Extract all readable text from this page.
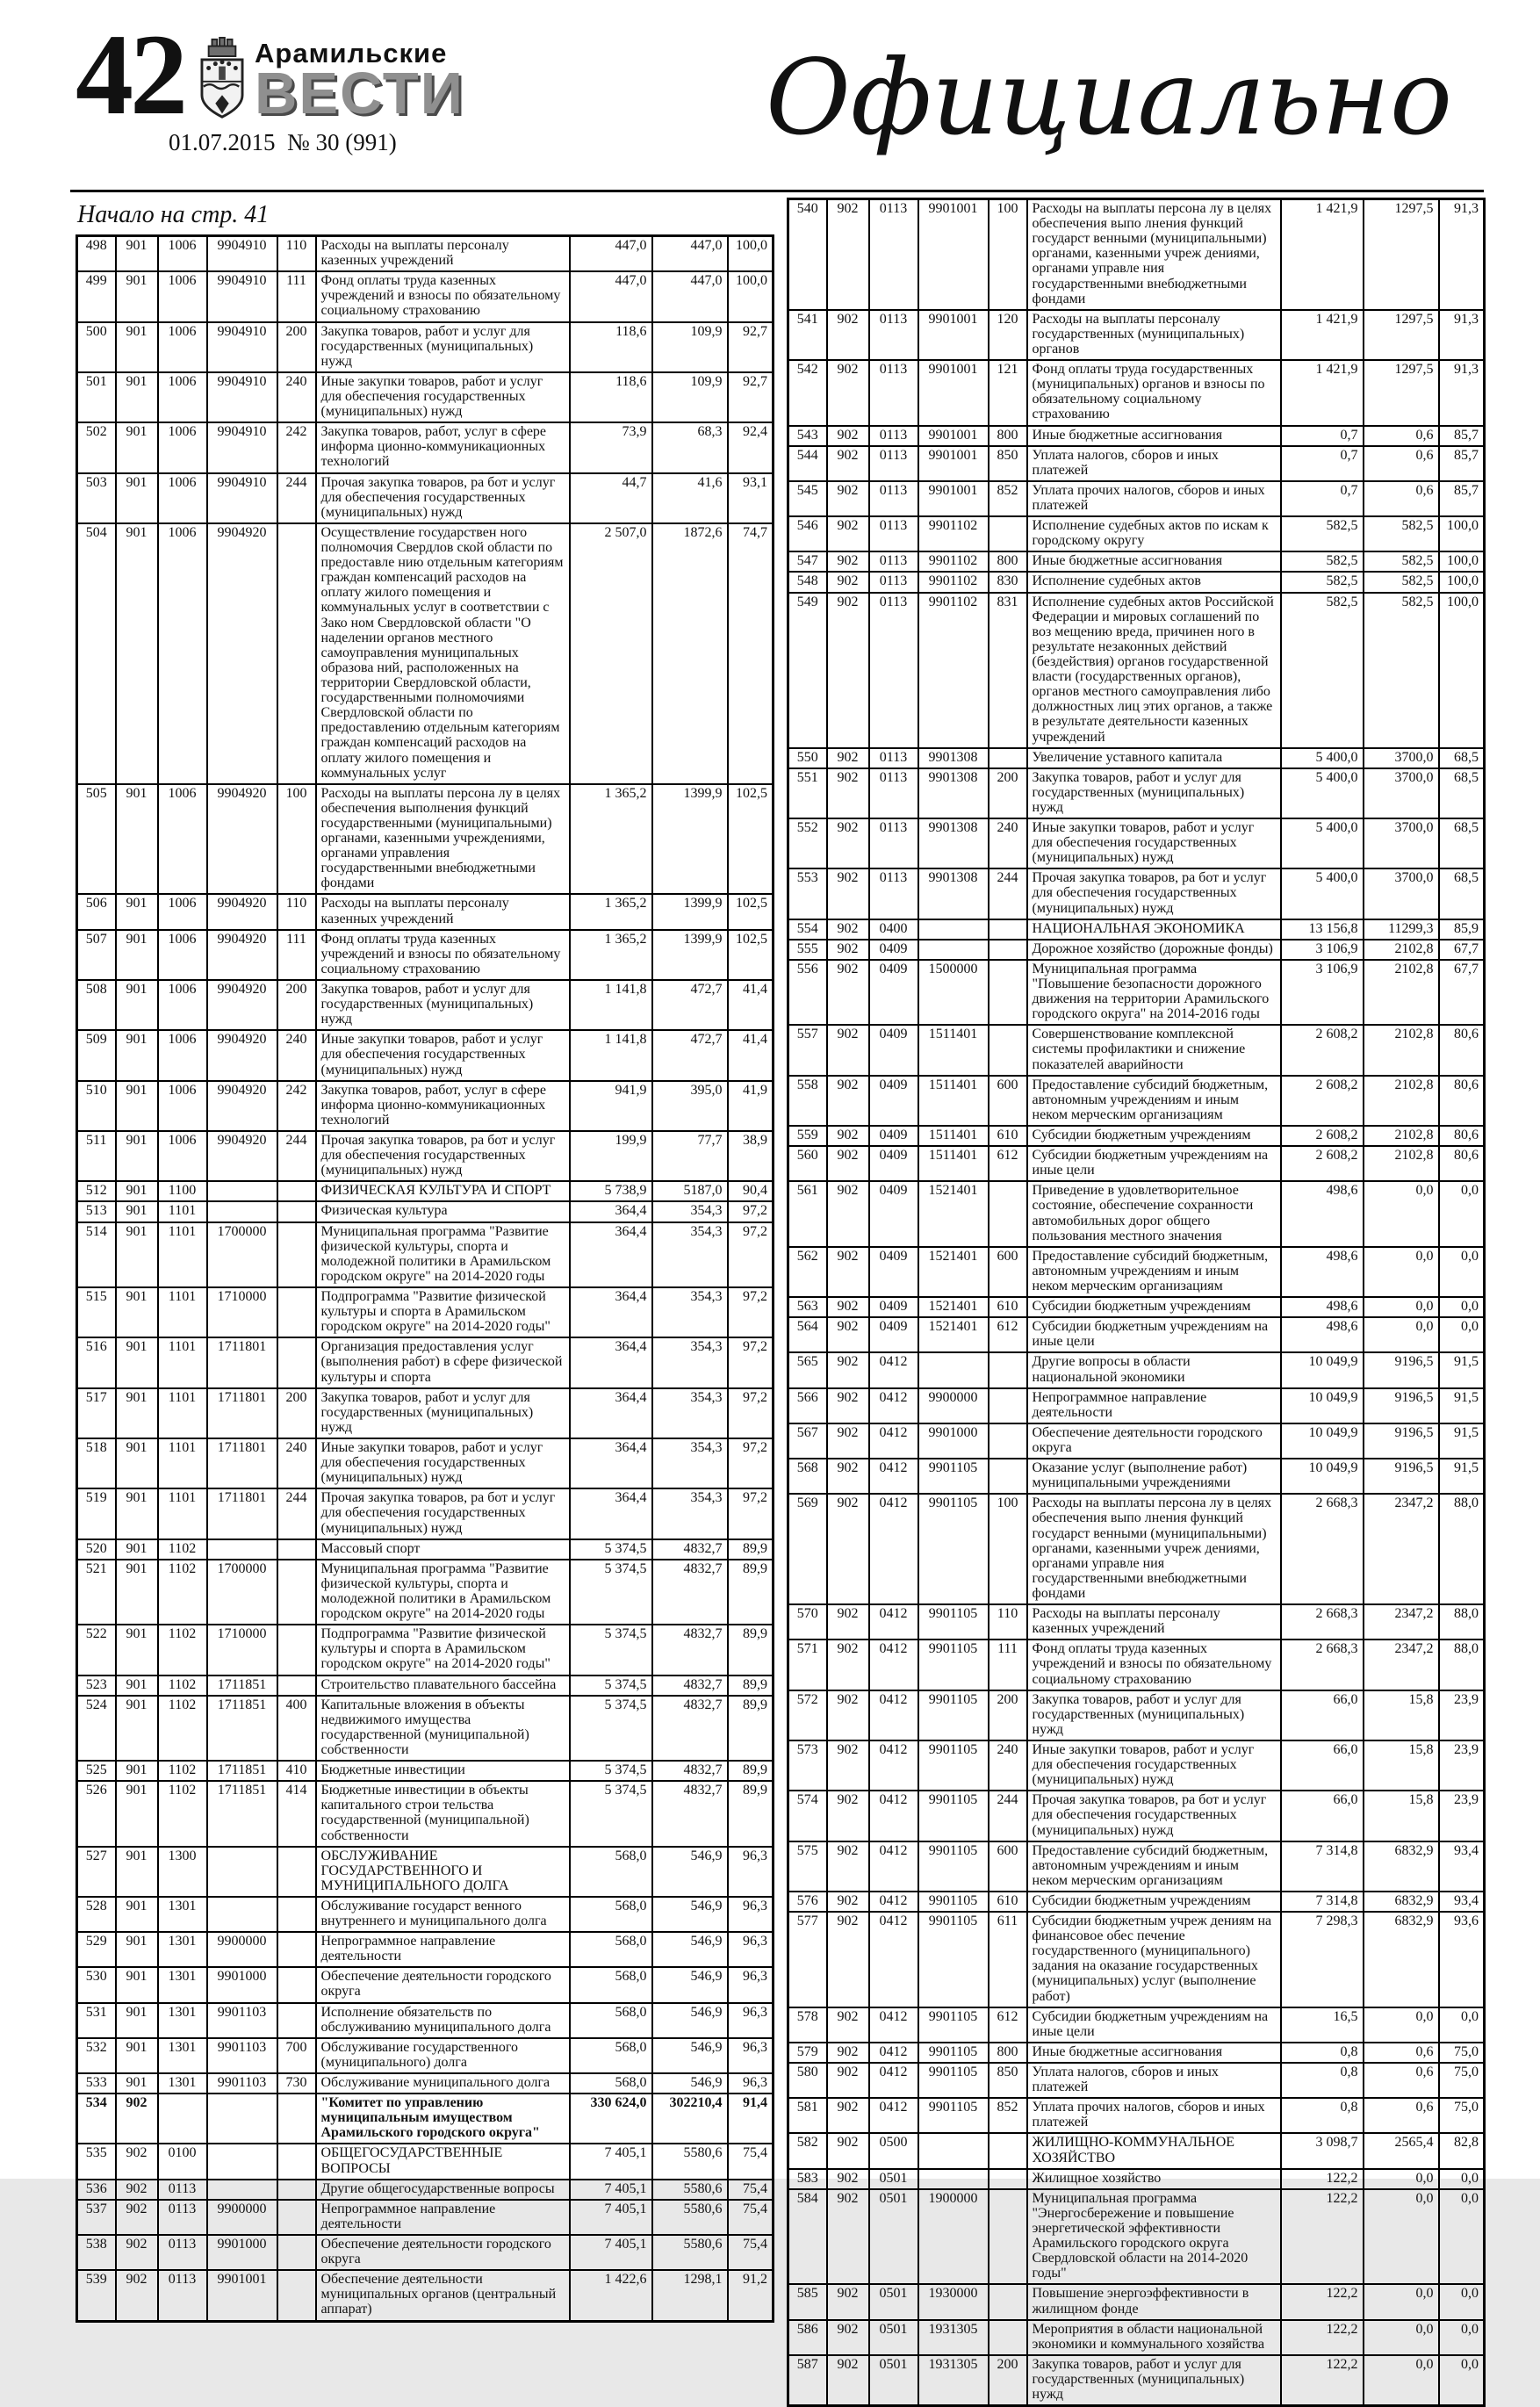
42	Арамильские
ВЕСТИ
01.07.2015  № 30 (991)	Официально
Начало на стр. 41
498	901	1006	9904910	110	Расходы на выплаты персоналу казенных учреждений	447,0	447,0	100,0
499	901	1006	9904910	111	Фонд оплаты труда казенных учреждений и взносы по обязательному социальному страхованию	447,0	447,0	100,0
500	901	1006	9904910	200	Закупка товаров, работ и услуг для государственных (муниципальных) нужд	118,6	109,9	92,7
501	901	1006	9904910	240	Иные закупки товаров, работ и услуг для обеспечения государственных (муниципальных) нужд	118,6	109,9	92,7
502	901	1006	9904910	242	Закупка товаров, работ, услуг в сфере информа ционно-коммуникационных технологий	73,9	68,3	92,4
503	901	1006	9904910	244	Прочая закупка товаров, ра бот и услуг для обеспечения государственных (муниципальных) нужд	44,7	41,6	93,1
504	901	1006	9904920		Осуществление государствен ного полномочия Свердлов ской области по предоставле нию отдельным категориям граждан компенсаций расходов на оплату жилого помещения и коммунальных услуг в соответствии с Зако ном Свердловской области "О наделении органов местного самоуправления муниципальных образова ний, расположенных на территории Свердловской области, государственными полномочиями Свердловской области по предоставлению отдельным категориям граждан компенсаций расходов на оплату жилого помещения и коммунальных услуг	2 507,0	1872,6	74,7
505	901	1006	9904920	100	Расходы на выплаты персона лу в целях обеспечения выполнения функций государственными (муниципальными) органами, казенными учреждениями, органами управления государственными внебюджетными фондами	1 365,2	1399,9	102,5
506	901	1006	9904920	110	Расходы на выплаты персоналу казенных учреждений	1 365,2	1399,9	102,5
507	901	1006	9904920	111	Фонд оплаты труда казенных учреждений и взносы по обязательному социальному страхованию	1 365,2	1399,9	102,5
508	901	1006	9904920	200	Закупка товаров, работ и услуг для государственных (муниципальных) нужд	1 141,8	472,7	41,4
509	901	1006	9904920	240	Иные закупки товаров, работ и услуг для обеспечения государственных (муниципальных) нужд	1 141,8	472,7	41,4
510	901	1006	9904920	242	Закупка товаров, работ, услуг в сфере информа ционно-коммуникационных технологий	941,9	395,0	41,9
511	901	1006	9904920	244	Прочая закупка товаров, ра бот и услуг для обеспечения государственных (муниципальных) нужд	199,9	77,7	38,9
512	901	1100			ФИЗИЧЕСКАЯ КУЛЬТУРА И СПОРТ	5 738,9	5187,0	90,4
513	901	1101			Физическая культура	364,4	354,3	97,2
514	901	1101	1700000		Муниципальная программа "Развитие физической культуры, спорта и молодежной политики в Арамильском городском округе" на 2014-2020 годы	364,4	354,3	97,2
515	901	1101	1710000		Подпрограмма "Развитие физической культуры и спорта в Арамильском городском округе" на 2014-2020 годы"	364,4	354,3	97,2
516	901	1101	1711801		Организация предоставления услуг (выполнения работ) в сфере физической культуры и спорта	364,4	354,3	97,2
517	901	1101	1711801	200	Закупка товаров, работ и услуг для государственных (муниципальных) нужд	364,4	354,3	97,2
518	901	1101	1711801	240	Иные закупки товаров, работ и услуг для обеспечения государственных (муниципальных) нужд	364,4	354,3	97,2
519	901	1101	1711801	244	Прочая закупка товаров, ра бот и услуг для обеспечения государственных (муниципальных) нужд	364,4	354,3	97,2
520	901	1102			Массовый спорт	5 374,5	4832,7	89,9
521	901	1102	1700000		Муниципальная программа "Развитие физической культуры, спорта и молодежной политики в Арамильском городском округе" на 2014-2020 годы	5 374,5	4832,7	89,9
522	901	1102	1710000		Подпрограмма "Развитие физической культуры и спорта в Арамильском городском округе" на 2014-2020 годы"	5 374,5	4832,7	89,9
523	901	1102	1711851		Строительство плавательного бассейна	5 374,5	4832,7	89,9
524	901	1102	1711851	400	Капитальные вложения в объекты недвижимого имущества государственной (муниципальной) собственности	5 374,5	4832,7	89,9
525	901	1102	1711851	410	Бюджетные инвестиции	5 374,5	4832,7	89,9
526	901	1102	1711851	414	Бюджетные инвестиции в объекты капитального строи тельства государственной (муниципальной) собственности	5 374,5	4832,7	89,9
527	901	1300			ОБСЛУЖИВАНИЕ ГОСУДАРСТВЕННОГО И МУНИЦИПАЛЬНОГО ДОЛГА	568,0	546,9	96,3
528	901	1301			Обслуживание государст венного внутреннего и муниципального долга	568,0	546,9	96,3
529	901	1301	9900000		Непрограммное направление деятельности	568,0	546,9	96,3
530	901	1301	9901000		Обеспечение деятельности городского округа	568,0	546,9	96,3
531	901	1301	9901103		Исполнение обязательств по обслуживанию муниципального долга	568,0	546,9	96,3
532	901	1301	9901103	700	Обслуживание государственного (муниципального) долга	568,0	546,9	96,3
533	901	1301	9901103	730	Обслуживание муниципального долга	568,0	546,9	96,3
534	902				"Комитет по управлению муниципальным имуществом Арамильского городского округа"	330 624,0	302210,4	91,4
535	902	0100			ОБЩЕГОСУДАРСТВЕННЫЕ ВОПРОСЫ	7 405,1	5580,6	75,4
536	902	0113			Другие общегосударственные вопросы	7 405,1	5580,6	75,4
537	902	0113	9900000		Непрограммное направление деятельности	7 405,1	5580,6	75,4
538	902	0113	9901000		Обеспечение деятельности городского округа	7 405,1	5580,6	75,4
539	902	0113	9901001		Обеспечение деятельности муниципальных органов (центральный аппарат)	1 422,6	1298,1	91,2
540	902	0113	9901001	100	Расходы на выплаты персона лу в целях обеспечения выпо лнения функций государст венными (муниципальными) органами, казенными учреж дениями, органами управле ния государственными внебюджетными фондами	1 421,9	1297,5	91,3
541	902	0113	9901001	120	Расходы на выплаты персоналу государственных (муниципальных) органов	1 421,9	1297,5	91,3
542	902	0113	9901001	121	Фонд оплаты труда государственных (муниципальных) органов и взносы по обязательному социальному страхованию	1 421,9	1297,5	91,3
543	902	0113	9901001	800	Иные бюджетные ассигнования	0,7	0,6	85,7
544	902	0113	9901001	850	Уплата налогов, сборов и иных платежей	0,7	0,6	85,7
545	902	0113	9901001	852	Уплата прочих налогов, сборов и иных платежей	0,7	0,6	85,7
546	902	0113	9901102		Исполнение судебных актов по искам к городскому округу	582,5	582,5	100,0
547	902	0113	9901102	800	Иные бюджетные ассигнования	582,5	582,5	100,0
548	902	0113	9901102	830	Исполнение судебных актов	582,5	582,5	100,0
549	902	0113	9901102	831	Исполнение судебных актов Российской Федерации и мировых соглашений по воз мещению вреда, причинен ного в результате незаконных действий (бездействия) органов государственной власти (государственных органов), органов местного самоуправления либо должностных лиц этих органов, а также в результате деятельности казенных учреждений	582,5	582,5	100,0
550	902	0113	9901308		Увеличение уставного капитала	5 400,0	3700,0	68,5
551	902	0113	9901308	200	Закупка товаров, работ и услуг для государственных (муниципальных) нужд	5 400,0	3700,0	68,5
552	902	0113	9901308	240	Иные закупки товаров, работ и услуг для обеспечения государственных (муниципальных) нужд	5 400,0	3700,0	68,5
553	902	0113	9901308	244	Прочая закупка товаров, ра бот и услуг для обеспечения государственных (муниципальных) нужд	5 400,0	3700,0	68,5
554	902	0400			НАЦИОНАЛЬНАЯ ЭКОНОМИКА	13 156,8	11299,3	85,9
555	902	0409			Дорожное хозяйство (дорожные фонды)	3 106,9	2102,8	67,7
556	902	0409	1500000		Муниципальная программа "Повышение безопасности дорожного движения на территории Арамильского городского округа" на 2014-2016 годы	3 106,9	2102,8	67,7
557	902	0409	1511401		Совершенствование комплексной системы профилактики и снижение показателей аварийности	2 608,2	2102,8	80,6
558	902	0409	1511401	600	Предоставление субсидий бюджетным, автономным учреждениям и иным неком мерческим организациям	2 608,2	2102,8	80,6
559	902	0409	1511401	610	Субсидии бюджетным учреждениям	2 608,2	2102,8	80,6
560	902	0409	1511401	612	Субсидии бюджетным учреждениям на иные цели	2 608,2	2102,8	80,6
561	902	0409	1521401		Приведение в удовлетворительное состояние, обеспечение сохранности автомобильных дорог общего пользования местного значения	498,6	0,0	0,0
562	902	0409	1521401	600	Предоставление субсидий бюджетным, автономным учреждениям и иным неком мерческим организациям	498,6	0,0	0,0
563	902	0409	1521401	610	Субсидии бюджетным учреждениям	498,6	0,0	0,0
564	902	0409	1521401	612	Субсидии бюджетным учреждениям на иные цели	498,6	0,0	0,0
565	902	0412			Другие вопросы в области национальной экономики	10 049,9	9196,5	91,5
566	902	0412	9900000		Непрограммное направление деятельности	10 049,9	9196,5	91,5
567	902	0412	9901000		Обеспечение деятельности городского округа	10 049,9	9196,5	91,5
568	902	0412	9901105		Оказание услуг (выполнение работ) муниципальными учреждениями	10 049,9	9196,5	91,5
569	902	0412	9901105	100	Расходы на выплаты персона лу в целях обеспечения выпо лнения функций государст венными (муниципальными) органами, казенными учреж дениями, органами управле ния государственными внебюджетными фондами	2 668,3	2347,2	88,0
570	902	0412	9901105	110	Расходы на выплаты персоналу казенных учреждений	2 668,3	2347,2	88,0
571	902	0412	9901105	111	Фонд оплаты труда казенных учреждений и взносы по обязательному социальному страхованию	2 668,3	2347,2	88,0
572	902	0412	9901105	200	Закупка товаров, работ и услуг для государственных (муниципальных) нужд	66,0	15,8	23,9
573	902	0412	9901105	240	Иные закупки товаров, работ и услуг для обеспечения государственных (муниципальных) нужд	66,0	15,8	23,9
574	902	0412	9901105	244	Прочая закупка товаров, ра бот и услуг для обеспечения государственных (муниципальных) нужд	66,0	15,8	23,9
575	902	0412	9901105	600	Предоставление субсидий бюджетным, автономным учреждениям и иным неком мерческим организациям	7 314,8	6832,9	93,4
576	902	0412	9901105	610	Субсидии бюджетным учреждениям	7 314,8	6832,9	93,4
577	902	0412	9901105	611	Субсидии бюджетным учреж дениям на финансовое обес печение государственного (муниципального) задания на оказание государственных (муниципальных) услуг (выполнение работ)	7 298,3	6832,9	93,6
578	902	0412	9901105	612	Субсидии бюджетным учреждениям на иные цели	16,5	0,0	0,0
579	902	0412	9901105	800	Иные бюджетные ассигнования	0,8	0,6	75,0
580	902	0412	9901105	850	Уплата налогов, сборов и иных платежей	0,8	0,6	75,0
581	902	0412	9901105	852	Уплата прочих налогов, сборов и иных платежей	0,8	0,6	75,0
582	902	0500			ЖИЛИЩНО-КОММУНАЛЬНОЕ ХОЗЯЙСТВО	3 098,7	2565,4	82,8
583	902	0501			Жилищное хозяйство	122,2	0,0	0,0
584	902	0501	1900000		Муниципальная программа "Энергосбережение и повышение энергетической эффективности Арамильского городского округа Свердловской области на 2014-2020 годы"	122,2	0,0	0,0
585	902	0501	1930000		Повышение энергоэффективности в жилищном фонде	122,2	0,0	0,0
586	902	0501	1931305		Мероприятия в области национальной экономики и коммунального хозяйства	122,2	0,0	0,0
587	902	0501	1931305	200	Закупка товаров, работ и услуг для государственных (муниципальных) нужд	122,2	0,0	0,0
